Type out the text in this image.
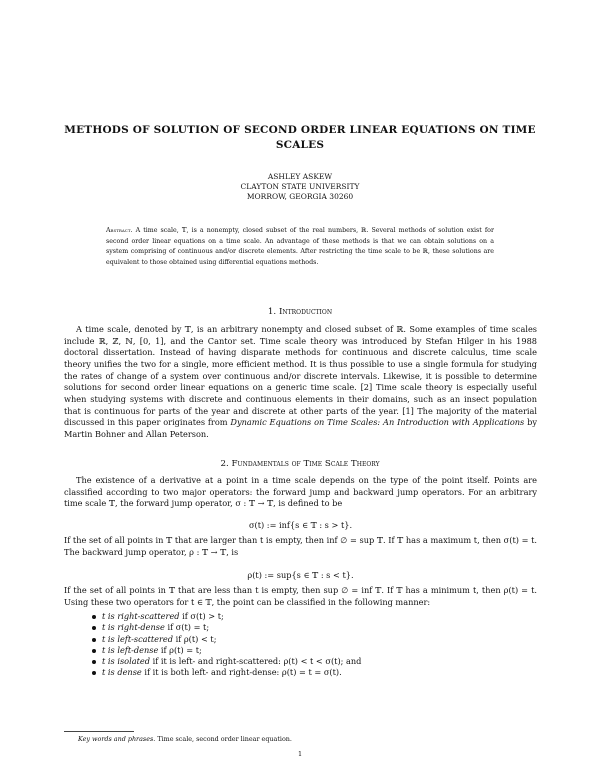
METHODS OF SOLUTION OF SECOND ORDER LINEAR EQUATIONS ON TIME SCALES
ASHLEY ASKEW
CLAYTON STATE UNIVERSITY
MORROW, GEORGIA 30260
Abstract. A time scale, 𝕋, is a nonempty, closed subset of the real numbers, ℝ. Several methods of solution exist for second order linear equations on a time scale. An advantage of these methods is that we can obtain solutions on a system comprising of continuous and/or discrete elements. After restricting the time scale to be ℝ, these solutions are equivalent to those obtained using differential equations methods.
1. Introduction

A time scale, denoted by 𝕋, is an arbitrary nonempty and closed subset of ℝ. Some examples of time scales include ℝ, ℤ, ℕ, [0, 1], and the Cantor set. Time scale theory was introduced by Stefan Hilger in his 1988 doctoral dissertation. Instead of having disparate methods for continuous and discrete calculus, time scale theory unifies the two for a single, more efficient method. It is thus possible to use a single formula for studying the rates of change of a system over continuous and/or discrete intervals. Likewise, it is possible to determine solutions for second order linear equations on a generic time scale. [2] Time scale theory is especially useful when studying systems with discrete and continuous elements in their domains, such as an insect population that is continuous for parts of the year and discrete at other parts of the year. [1] The majority of the material discussed in this paper originates from Dynamic Equations on Time Scales: An Introduction with Applications by Martin Bohner and Allan Peterson.

2. Fundamentals of Time Scale Theory

The existence of a derivative at a point in a time scale depends on the type of the point itself. Points are classified according to two major operators: the forward jump and backward jump operators. For an arbitrary time scale 𝕋, the forward jump operator, σ : 𝕋 → 𝕋, is defined to be

σ(t) := inf{s ∈ 𝕋 : s > t}.

If the set of all points in 𝕋 that are larger than t is empty, then inf ∅ = sup 𝕋. If 𝕋 has a maximum t, then σ(t) = t. The backward jump operator, ρ : 𝕋 → 𝕋, is

ρ(t) := sup{s ∈ 𝕋 : s < t}.

If the set of all points in 𝕋 that are less than t is empty, then sup ∅ = inf 𝕋. If 𝕋 has a minimum t, then ρ(t) = t. Using these two operators for t ∈ 𝕋, the point can be classified in the following manner:

t is right-scattered if σ(t) > t;
t is right-dense if σ(t) = t;
t is left-scattered if ρ(t) < t;
t is left-dense if ρ(t) = t;
t is isolated if it is left- and right-scattered: ρ(t) < t < σ(t); and
t is dense if it is both left- and right-dense: ρ(t) = t = σ(t).
Key words and phrases. Time scale, second order linear equation.
1
